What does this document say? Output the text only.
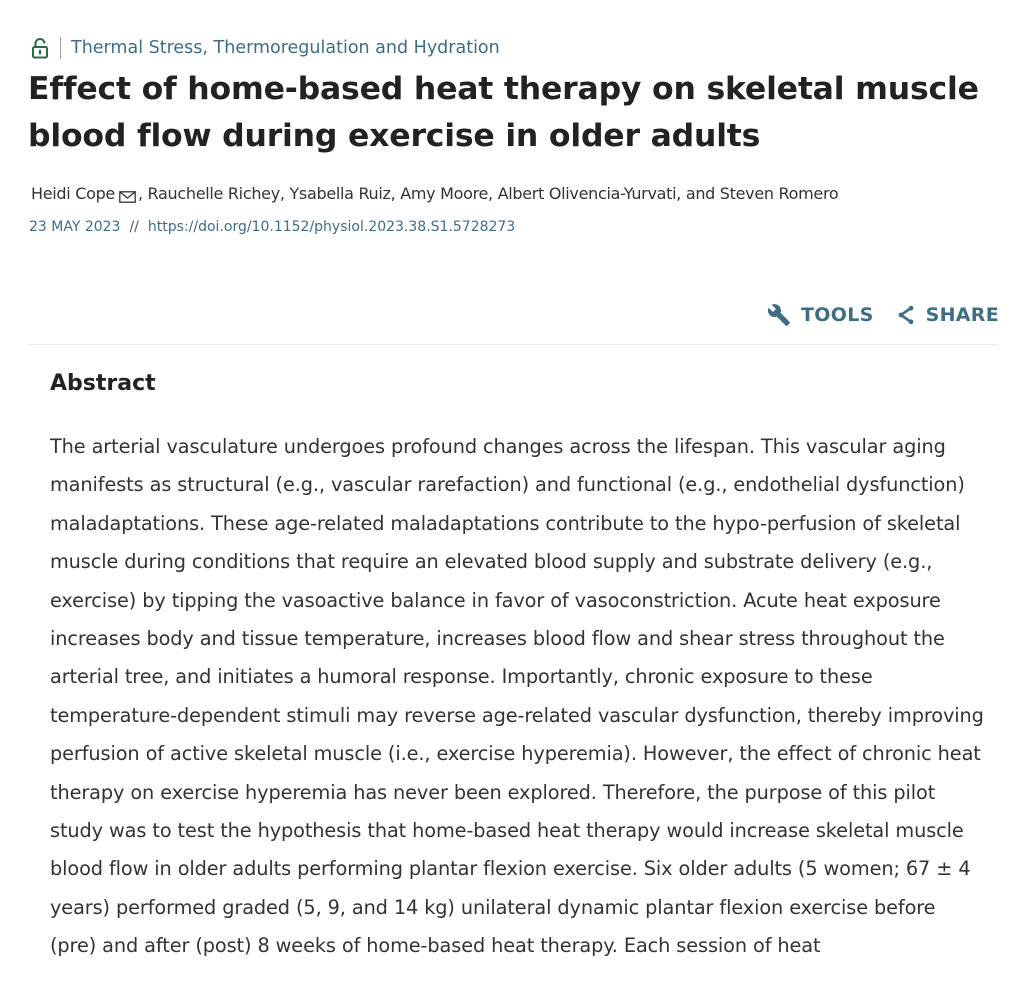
Thermal Stress, Thermoregulation and Hydration
Effect of home-based heat therapy on skeletal muscle blood flow during exercise in older adults
Heidi Cope , Rauchelle Richey, Ysabella Ruiz, Amy Moore, Albert Olivencia-Yurvati, and Steven Romero
23 MAY 2023 // https://doi.org/10.1152/physiol.2023.38.S1.5728273
TOOLS	SHARE
Abstract

The arterial vasculature undergoes profound changes across the lifespan. This vascular aging manifests as structural (e.g., vascular rarefaction) and functional (e.g., endothelial dysfunction) maladaptations. These age-related maladaptations contribute to the hypo-perfusion of skeletal muscle during conditions that require an elevated blood supply and substrate delivery (e.g., exercise) by tipping the vasoactive balance in favor of vasoconstriction. Acute heat exposure increases body and tissue temperature, increases blood flow and shear stress throughout the arterial tree, and initiates a humoral response. Importantly, chronic exposure to these temperature-dependent stimuli may reverse age-related vascular dysfunction, thereby improving perfusion of active skeletal muscle (i.e., exercise hyperemia). However, the effect of chronic heat therapy on exercise hyperemia has never been explored. Therefore, the purpose of this pilot study was to test the hypothesis that home-based heat therapy would increase skeletal muscle blood flow in older adults performing plantar flexion exercise. Six older adults (5 women; 67 ± 4 years) performed graded (5, 9, and 14 kg) unilateral dynamic plantar flexion exercise before (pre) and after (post) 8 weeks of home-based heat therapy. Each session of heat
